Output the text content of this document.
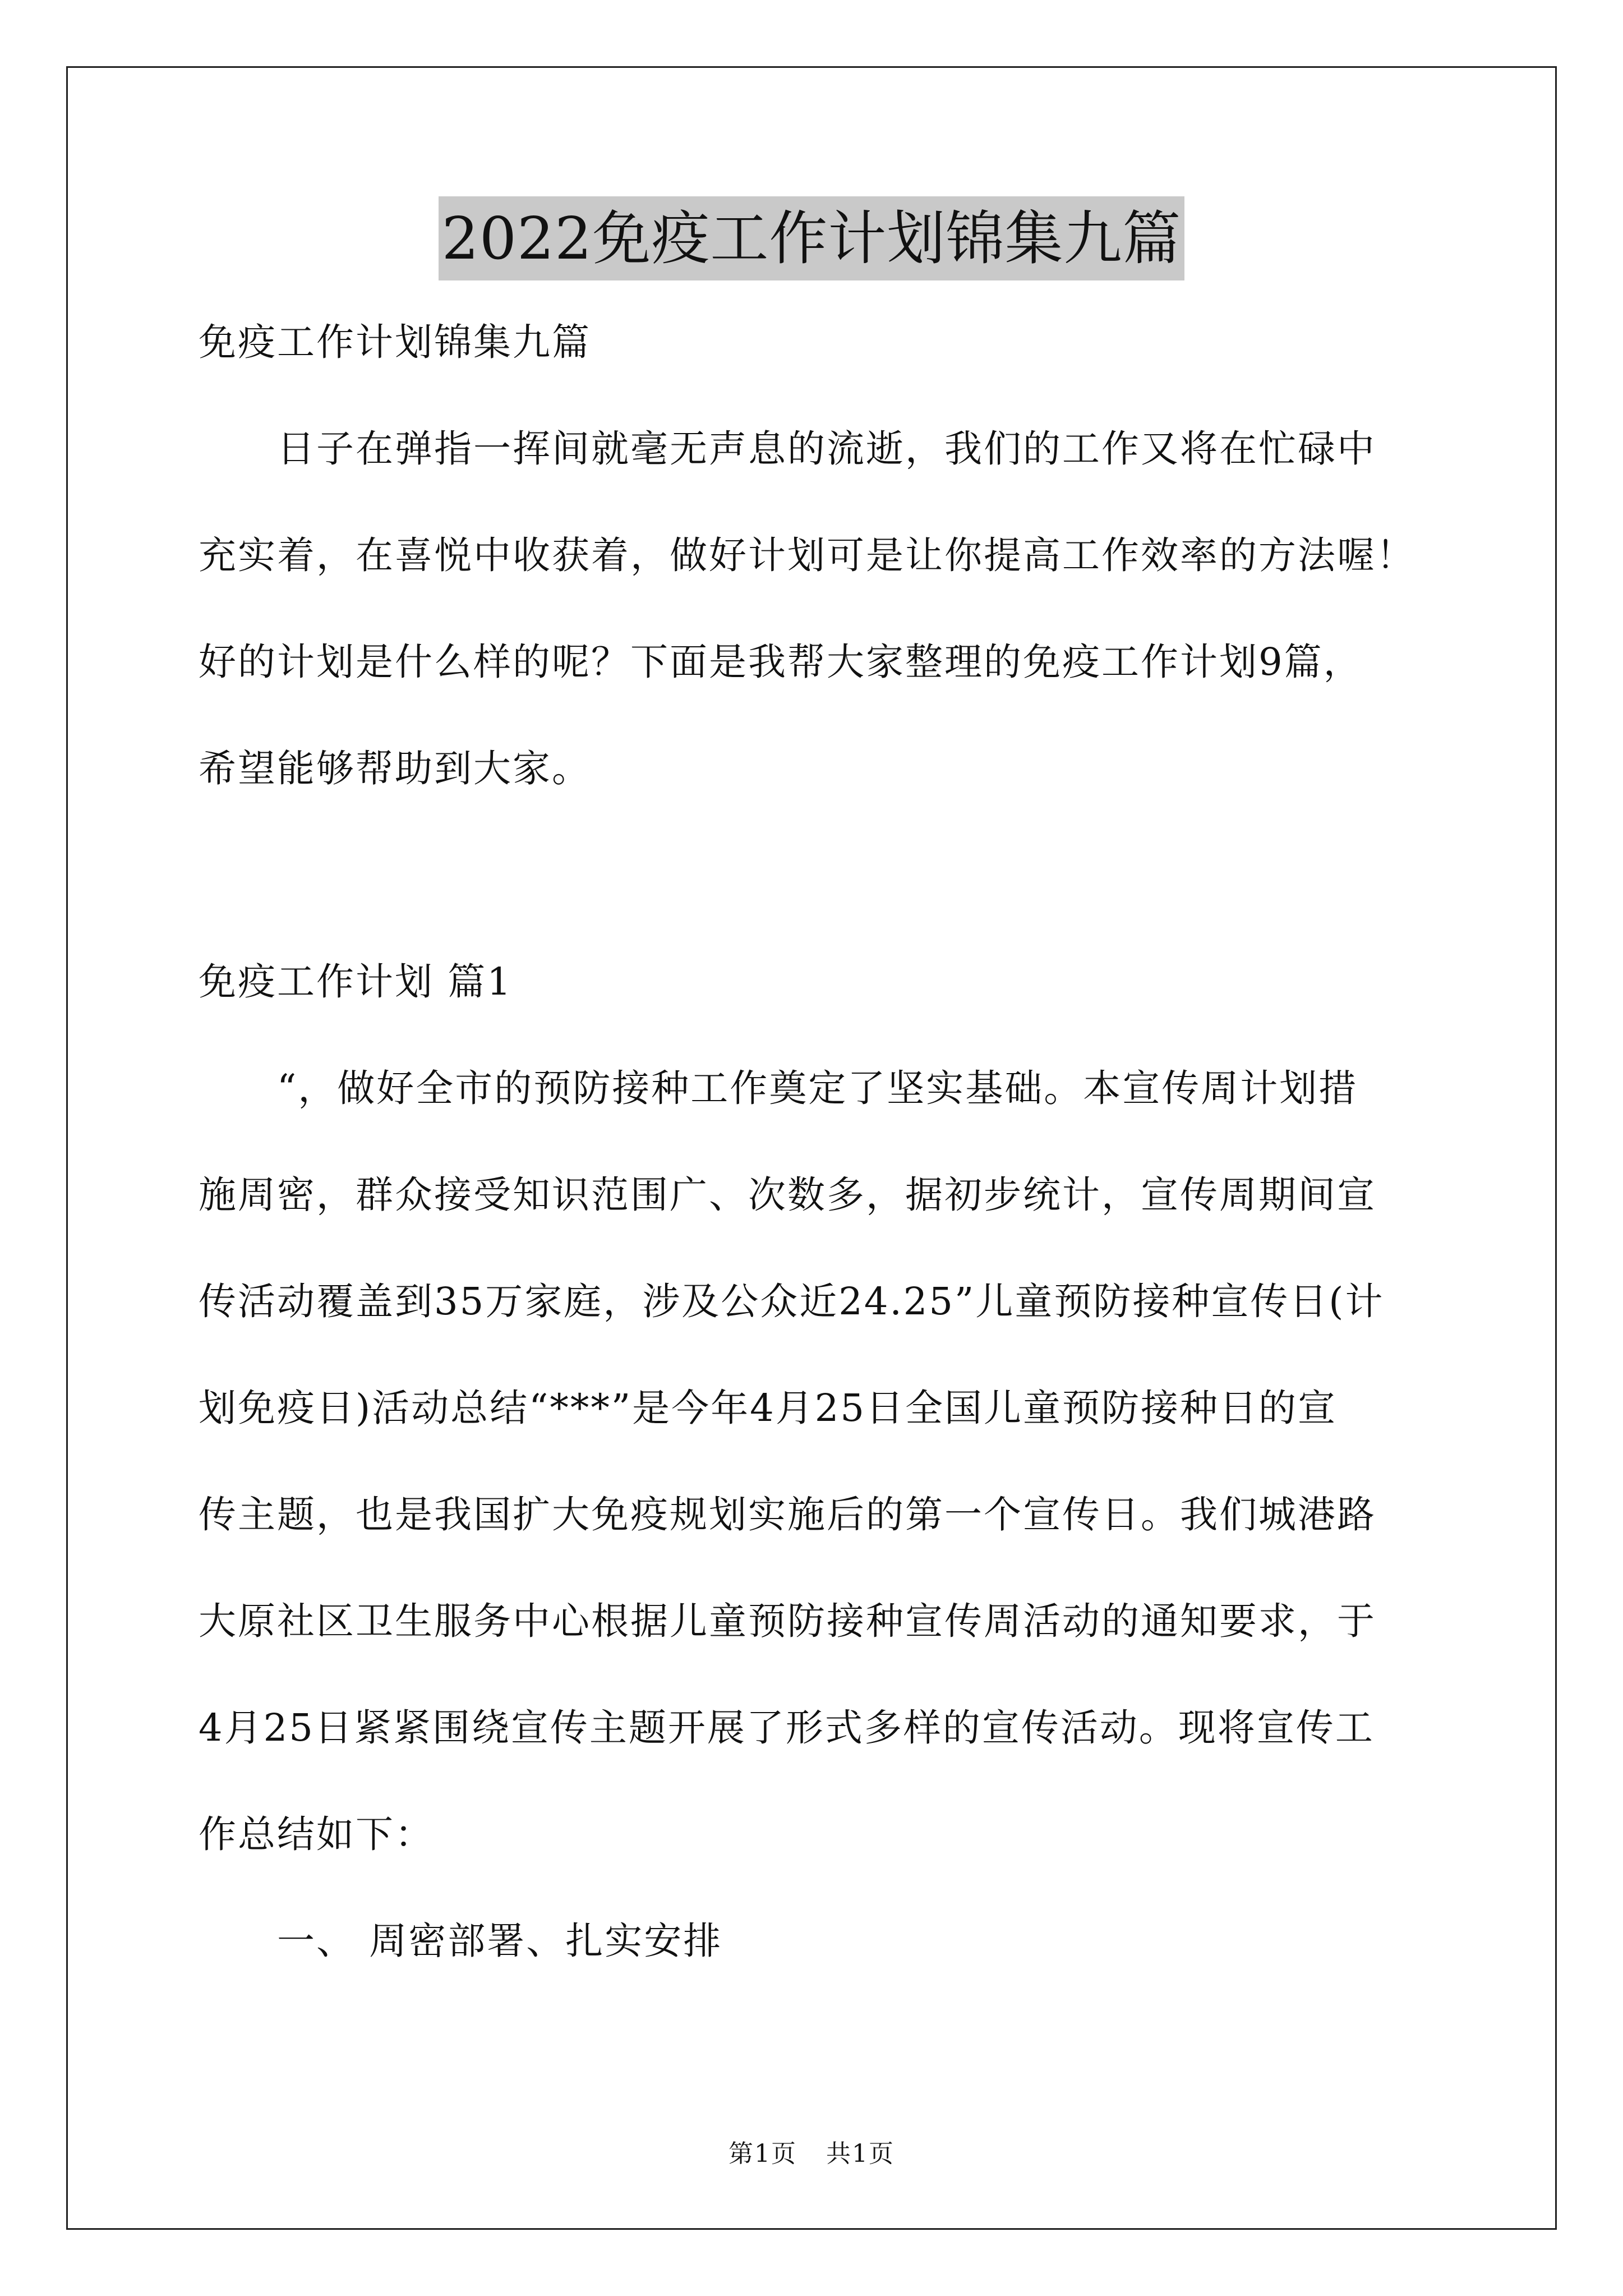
2022免疫工作计划锦集九篇
免疫工作计划锦集九篇
日子在弹指一挥间就毫无声息的流逝，我们的工作又将在忙碌中
充实着，在喜悦中收获着，做好计划可是让你提高工作效率的方法喔！
好的计划是什么样的呢？下面是我帮大家整理的免疫工作计划9篇，
希望能够帮助到大家。
免疫工作计划 篇1
“，做好全市的预防接种工作奠定了坚实基础。本宣传周计划措
施周密，群众接受知识范围广、次数多，据初步统计，宣传周期间宣
传活动覆盖到35万家庭，涉及公众近24.25”儿童预防接种宣传日(计
划免疫日)活动总结“***”是今年4月25日全国儿童预防接种日的宣
传主题，也是我国扩大免疫规划实施后的第一个宣传日。我们城港路
大原社区卫生服务中心根据儿童预防接种宣传周活动的通知要求，于
4月25日紧紧围绕宣传主题开展了形式多样的宣传活动。现将宣传工
作总结如下：
一、 周密部署、扎实安排
第1页 共1页
